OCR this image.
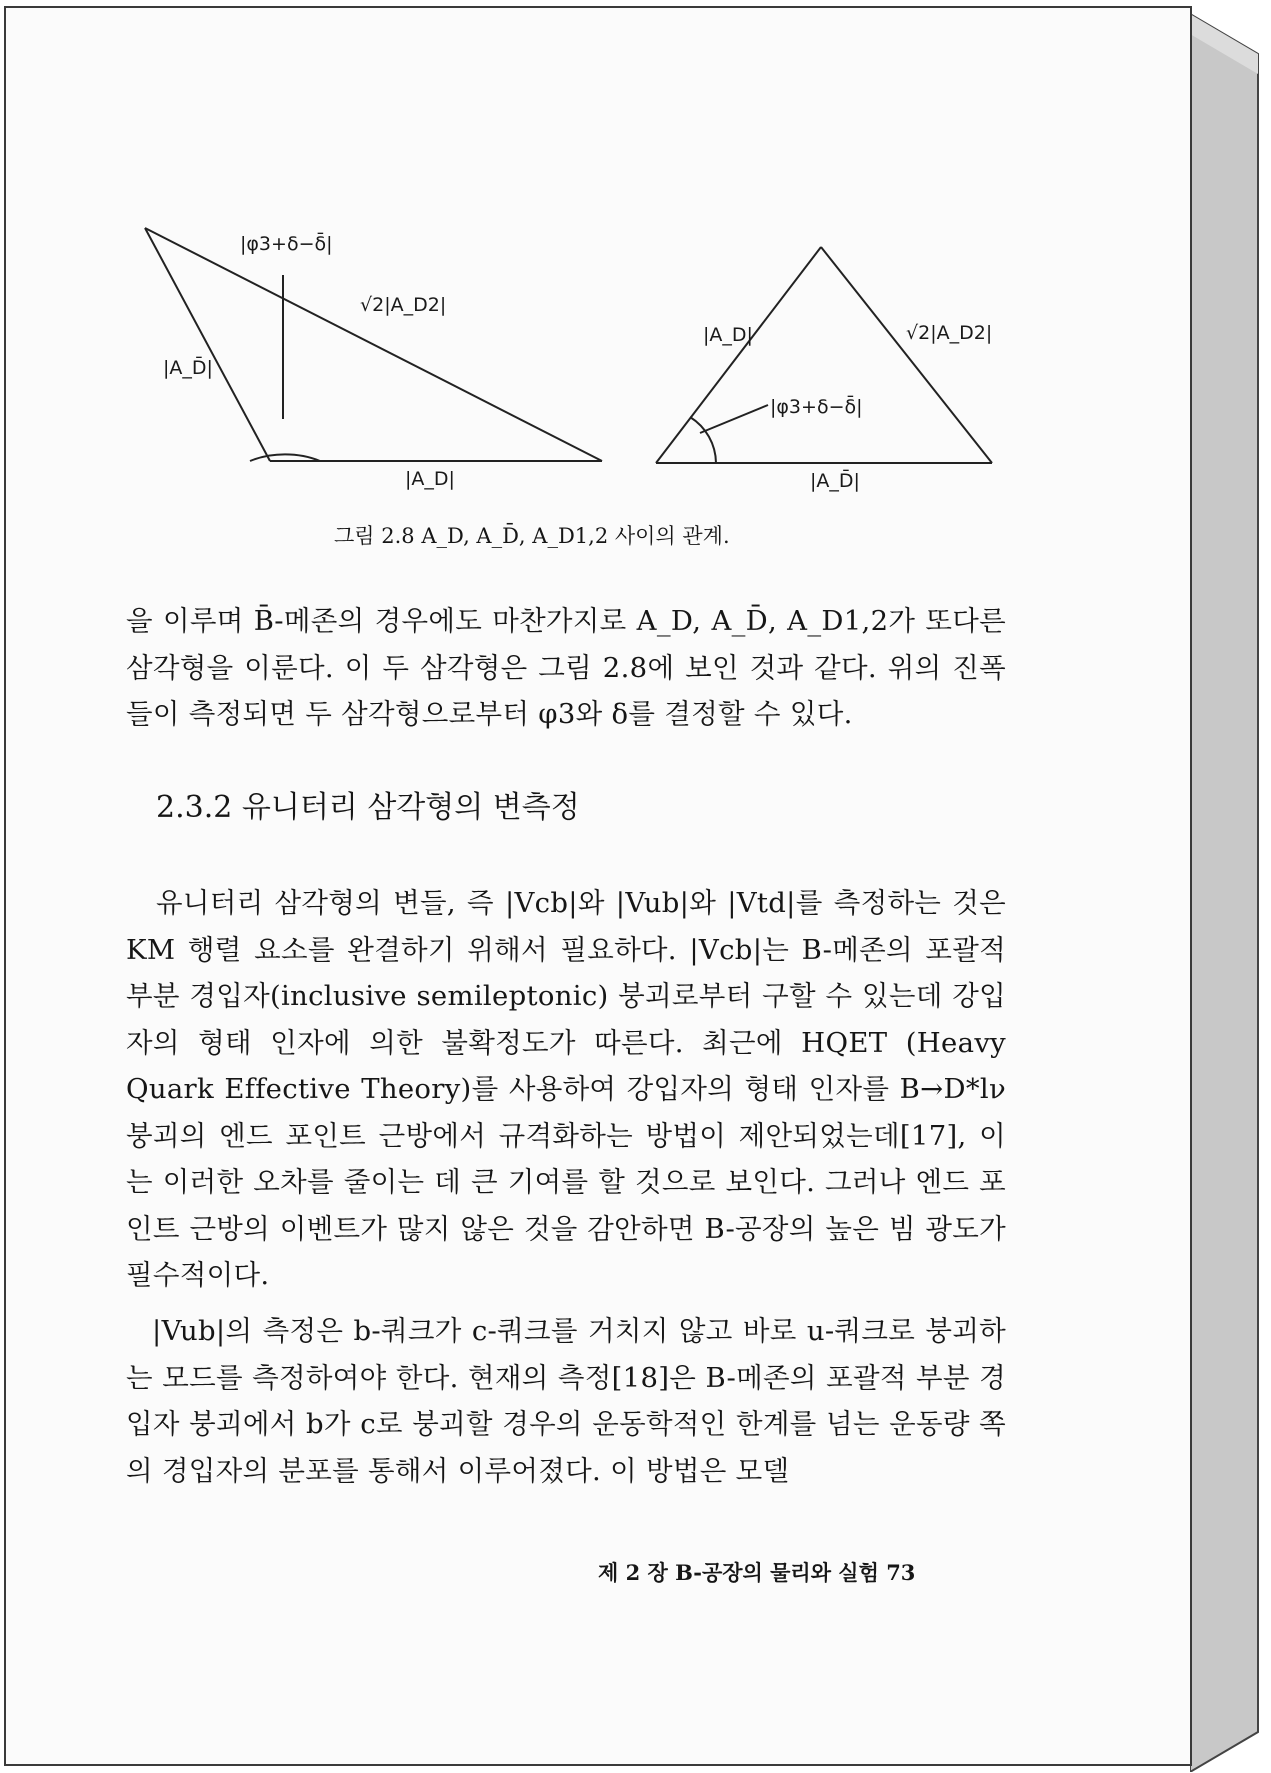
|φ3+δ−δ̄|
√2|A_D2|
|A_D̄|
|A_D|
|A_D|	√2|A_D2|
|φ3+δ−δ̄|
|A_D̄|
그림 2.8 A_D, A_D̄, A_D1,2 사이의 관계.
을 이루며 B̄-메존의 경우에도 마찬가지로 A_D, A_D̄, A_D1,2가 또다른 삼각형을 이룬다. 이 두 삼각형은 그림 2.8에 보인 것과 같다. 위의 진폭들이 측정되면 두 삼각형으로부터 φ3와 δ를 결정할 수 있다.
2.3.2 유니터리 삼각형의 변측정
유니터리 삼각형의 변들, 즉 |Vcb|와 |Vub|와 |Vtd|를 측정하는 것은 KM 행렬 요소를 완결하기 위해서 필요하다. |Vcb|는 B-메존의 포괄적 부분 경입자(inclusive semileptonic) 붕괴로부터 구할 수 있는데 강입자의 형태 인자에 의한 불확정도가 따른다. 최근에 HQET (Heavy Quark Effective Theory)를 사용하여 강입자의 형태 인자를 B→D*lν 붕괴의 엔드 포인트 근방에서 규격화하는 방법이 제안되었는데[17], 이는 이러한 오차를 줄이는 데 큰 기여를 할 것으로 보인다. 그러나 엔드 포인트 근방의 이벤트가 많지 않은 것을 감안하면 B-공장의 높은 빔 광도가 필수적이다.
|Vub|의 측정은 b-쿼크가 c-쿼크를 거치지 않고 바로 u-쿼크로 붕괴하는 모드를 측정하여야 한다. 현재의 측정[18]은 B-메존의 포괄적 부분 경입자 붕괴에서 b가 c로 붕괴할 경우의 운동학적인 한계를 넘는 운동량 쪽의 경입자의 분포를 통해서 이루어졌다. 이 방법은 모델
제 2 장 B-공장의 물리와 실험 73
